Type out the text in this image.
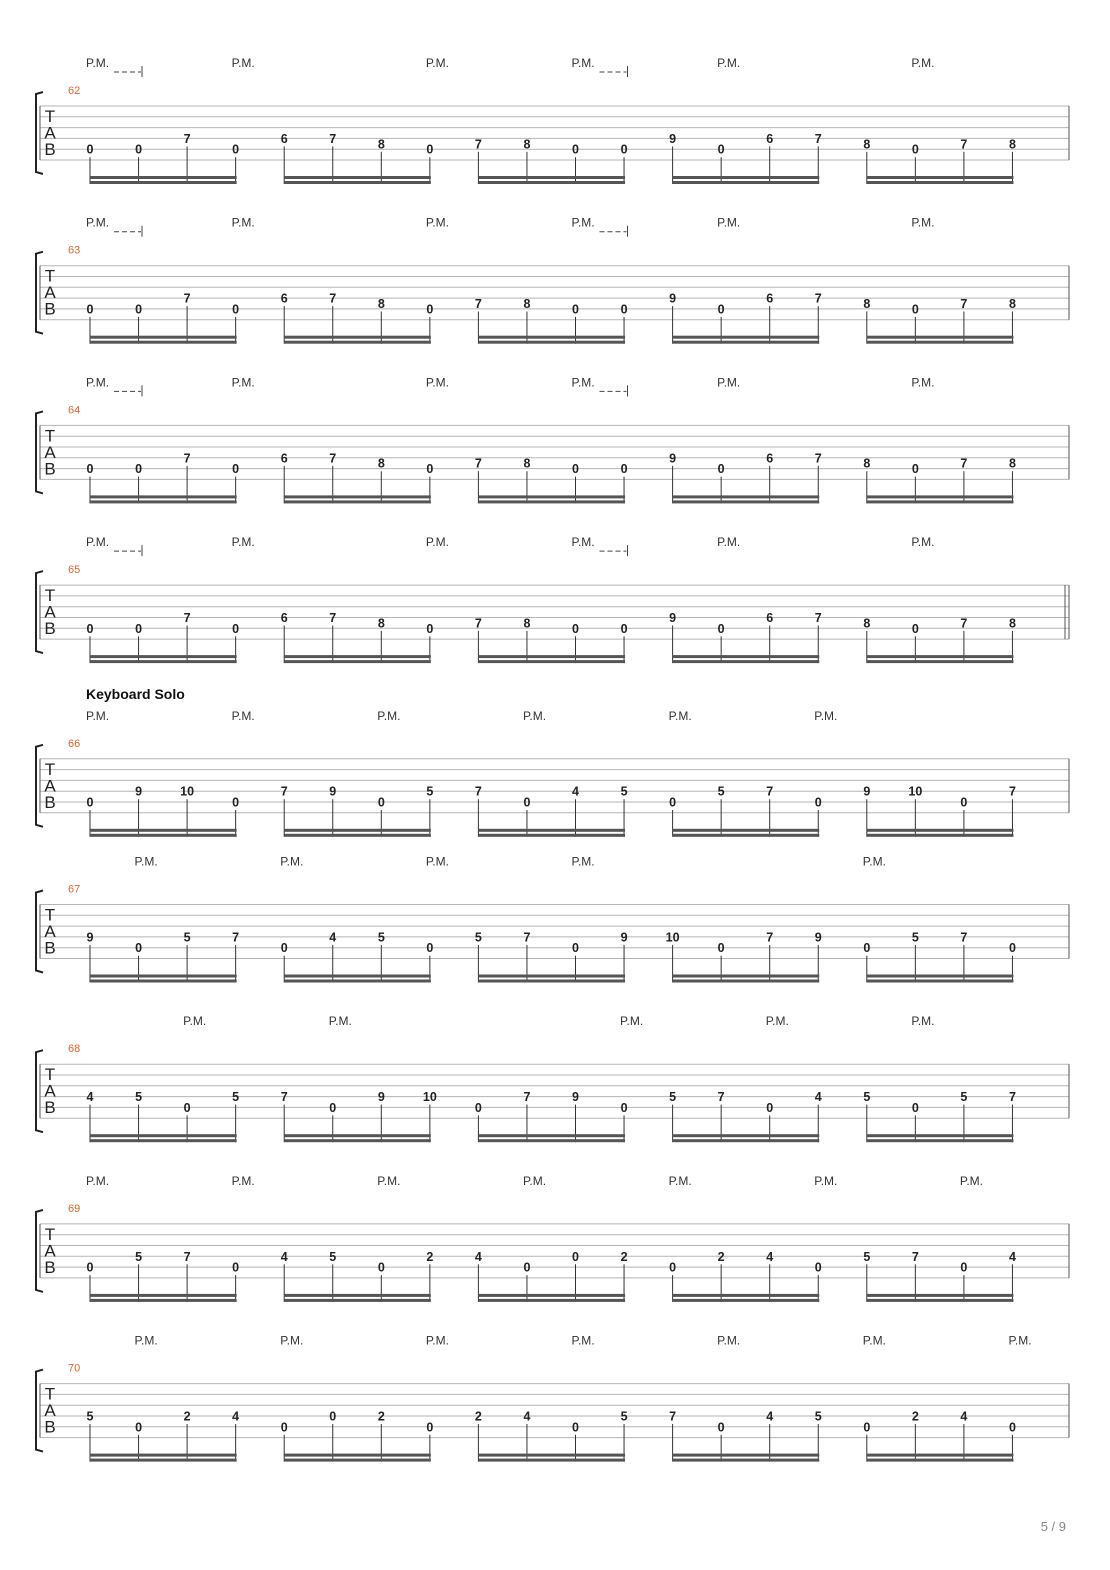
T
A
B
62
P.M.	P.M.	P.M.	P.M.	P.M.	P.M.
0	0
7
0
6	7	8	0	7	8	0	0
9
0
6	7	8	0	7	8
T
A
B
63
P.M.	P.M.	P.M.	P.M.	P.M.	P.M.
0	0
7
0
6	7	8	0	7	8	0	0
9
0
6	7	8	0	7	8
T
A
B
64
P.M.	P.M.	P.M.	P.M.	P.M.	P.M.
0	0
7
0
6	7	8	0	7	8	0	0
9
0
6	7	8	0	7	8
T
A
B
65
P.M.	P.M.	P.M.	P.M.	P.M.	P.M.
0	0
7
0
6	7	8	0	7	8	0	0
9
0
6	7	8	0	7	8
T
A
B
66
Keyboard Solo
P.M.	P.M.	P.M.	P.M.	P.M.	P.M.
0
9	10
0
7	9
0
5	7
0
4	5
0
5	7
0
9	10
0
7
T
A
B
67
P.M.	P.M.	P.M.	P.M.	P.M.
9
0
5	7
0
4	5
0
5	7
0
9	10
0
7	9
0
5	7
0
T
A
B
68
P.M.	P.M.	P.M.	P.M.	P.M.
4	5
0
5	7
0
9	10
0
7	9
0
5	7
0
4	5
0
5	7
T
A
B
69
P.M.	P.M.	P.M.	P.M.	P.M.	P.M.	P.M.
0
5	7
0
4	5
0
2	4
0
0	2
0
2	4
0
5	7
0
4
T
A
B
70
P.M.	P.M.	P.M.	P.M.	P.M.	P.M.	P.M.
5
0
2	4
0
0	2
0
2	4
0
5	7
0
4	5
0
2	4
0
5 / 9
